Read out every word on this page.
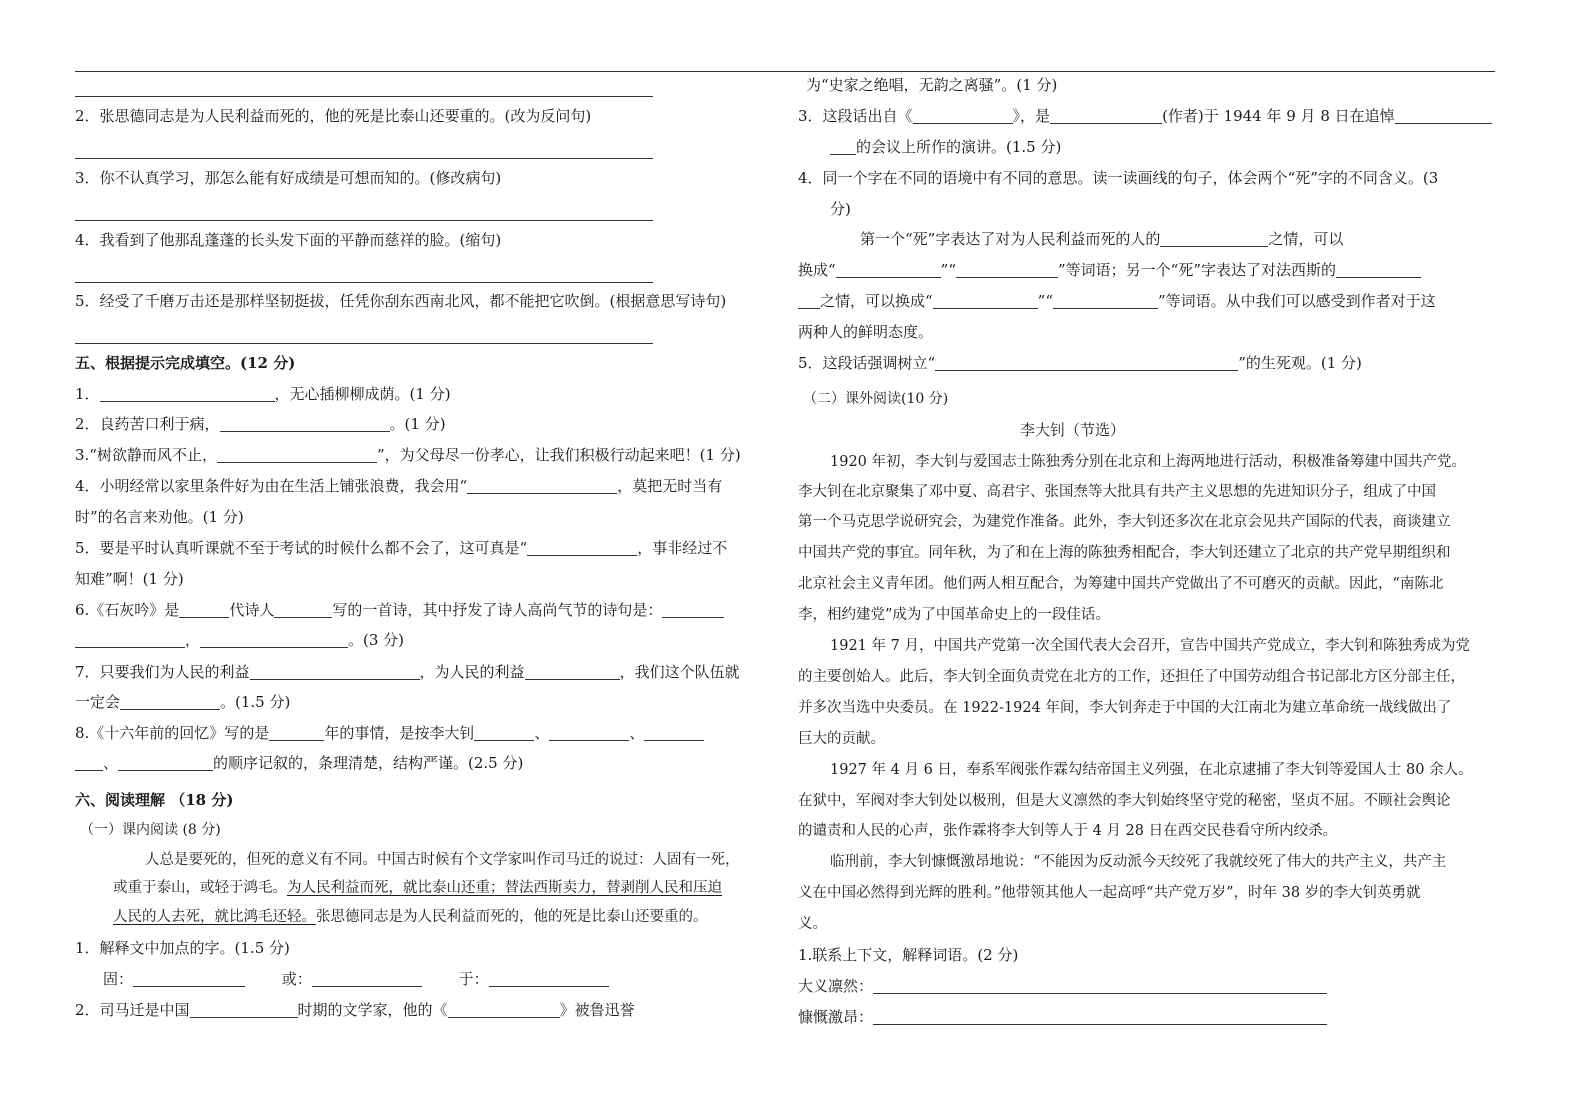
2．张思德同志是为人民利益而死的，他的死是比泰山还要重的。(改为反问句)
3．你不认真学习，那怎么能有好成绩是可想而知的。(修改病句)
4．我看到了他那乱蓬蓬的长头发下面的平静而慈祥的脸。(缩句)
5．经受了千磨万击还是那样坚韧挺拔，任凭你刮东西南北风，都不能把它吹倒。(根据意思写诗句)
五、根据提示完成填空。(12 分)
1．	，无心插柳柳成荫。(1 分)
2．良药苦口利于病，	。(1 分)
3.“树欲静而风不止，	”，为父母尽一份孝心，让我们积极行动起来吧！(1 分)
4．小明经常以家里条件好为由在生活上铺张浪费，我会用“	，莫把无时当有
时”的名言来劝他。(1 分)
5．要是平时认真听课就不至于考试的时候什么都不会了，这可真是“	，事非经过不
知难”啊！(1 分)
6.《石灰吟》是	代诗人	写的一首诗，其中抒发了诗人高尚气节的诗句是：
，	。(3 分)
7．只要我们为人民的利益	，为人民的利益	，我们这个队伍就
一定会	。(1.5 分)
8.《十六年前的回忆》写的是	年的事情，是按李大钊	、	、
、	的顺序记叙的，条理清楚，结构严谨。(2.5 分)
六、阅读理解 （18 分)
（一）课内阅读 (8 分)
人总是要死的，但死的意义有不同。中国古时候有个文学家叫作司马迁的说过：人固有一死，
或重于泰山，或轻于鸿毛。为人民利益而死，就比泰山还重；替法西斯卖力，替剥削人民和压迫
人民的人去死，就比鸿毛还轻。张思德同志是为人民利益而死的，他的死是比泰山还要重的。
1．解释文中加点的字。(1.5 分)
固：	或：	于：
2．司马迁是中国	时期的文学家，他的《	》被鲁迅誉
为“史家之绝唱，无韵之离骚”。(1 分)
3．这段话出自《	》，是	(作者)于 1944 年 9 月 8 日在追悼
的会议上所作的演讲。(1.5 分)
4．同一个字在不同的语境中有不同的意思。读一读画线的句子，体会两个“死”字的不同含义。(3
分)
第一个“死”字表达了对为人民利益而死的人的	之情，可以
换成“	”“	”等词语；另一个“死”字表达了对法西斯的
之情，可以换成“	”“	”等词语。从中我们可以感受到作者对于这
两种人的鲜明态度。
5．这段话强调树立“	”的生死观。(1 分)
（二）课外阅读(10 分)
李大钊（节选）
1920 年初，李大钊与爱国志士陈独秀分别在北京和上海两地进行活动，积极准备筹建中国共产党。
李大钊在北京聚集了邓中夏、高君宇、张国焘等大批具有共产主义思想的先进知识分子，组成了中国
第一个马克思学说研究会，为建党作准备。此外，李大钊还多次在北京会见共产国际的代表，商谈建立
中国共产党的事宜。同年秋，为了和在上海的陈独秀相配合，李大钊还建立了北京的共产党早期组织和
北京社会主义青年团。他们两人相互配合，为筹建中国共产党做出了不可磨灭的贡献。因此，“南陈北
李，相约建党”成为了中国革命史上的一段佳话。
1921 年 7 月，中国共产党第一次全国代表大会召开，宣告中国共产党成立，李大钊和陈独秀成为党
的主要创始人。此后，李大钊全面负责党在北方的工作，还担任了中国劳动组合书记部北方区分部主任，
并多次当选中央委员。在 1922-1924 年间，李大钊奔走于中国的大江南北为建立革命统一战线做出了
巨大的贡献。
1927 年 4 月 6 日，奉系军阀张作霖勾结帝国主义列强，在北京逮捕了李大钊等爱国人士 80 余人。
在狱中，军阀对李大钊处以极刑，但是大义凛然的李大钊始终坚守党的秘密，坚贞不屈。不顾社会舆论
的谴责和人民的心声，张作霖将李大钊等人于 4 月 28 日在西交民巷看守所内绞杀。
临刑前，李大钊慷慨激昂地说：“不能因为反动派今天绞死了我就绞死了伟大的共产主义，共产主
义在中国必然得到光辉的胜利。”他带领其他人一起高呼“共产党万岁”，时年 38 岁的李大钊英勇就
义。
1.联系上下文，解释词语。(2 分)
大义凛然：
慷慨激昂：
